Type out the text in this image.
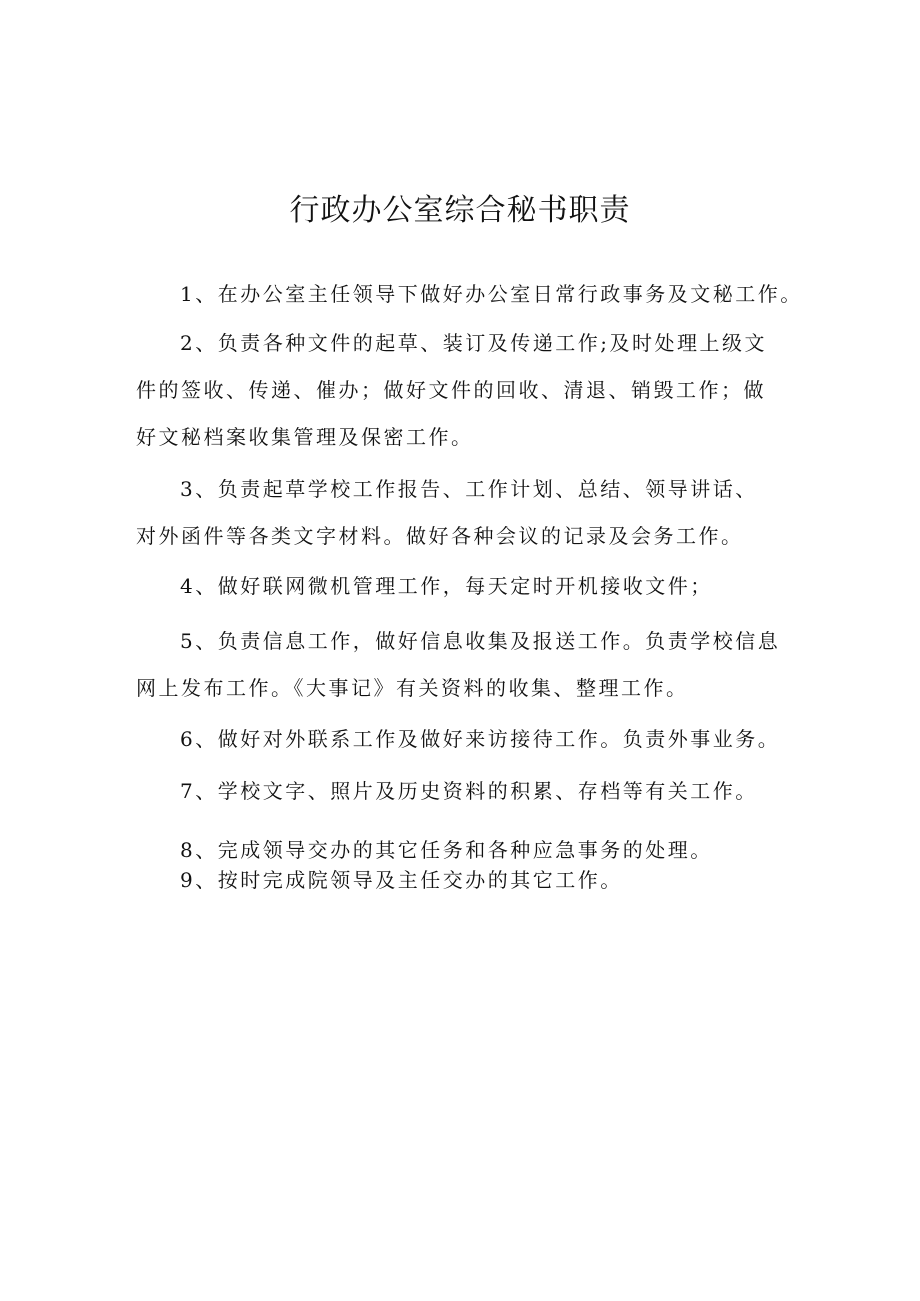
行政办公室综合秘书职责
1、在办公室主任领导下做好办公室日常行政事务及文秘工作。
2、负责各种文件的起草、装订及传递工作;及时处理上级文
件的签收、传递、催办；做好文件的回收、清退、销毁工作；做
好文秘档案收集管理及保密工作。
3、负责起草学校工作报告、工作计划、总结、领导讲话、
对外函件等各类文字材料。做好各种会议的记录及会务工作。
4、做好联网微机管理工作，每天定时开机接收文件；
5、负责信息工作，做好信息收集及报送工作。负责学校信息
网上发布工作。《大事记》有关资料的收集、整理工作。
6、做好对外联系工作及做好来访接待工作。负责外事业务。
7、学校文字、照片及历史资料的积累、存档等有关工作。
8、完成领导交办的其它任务和各种应急事务的处理。
9、按时完成院领导及主任交办的其它工作。
